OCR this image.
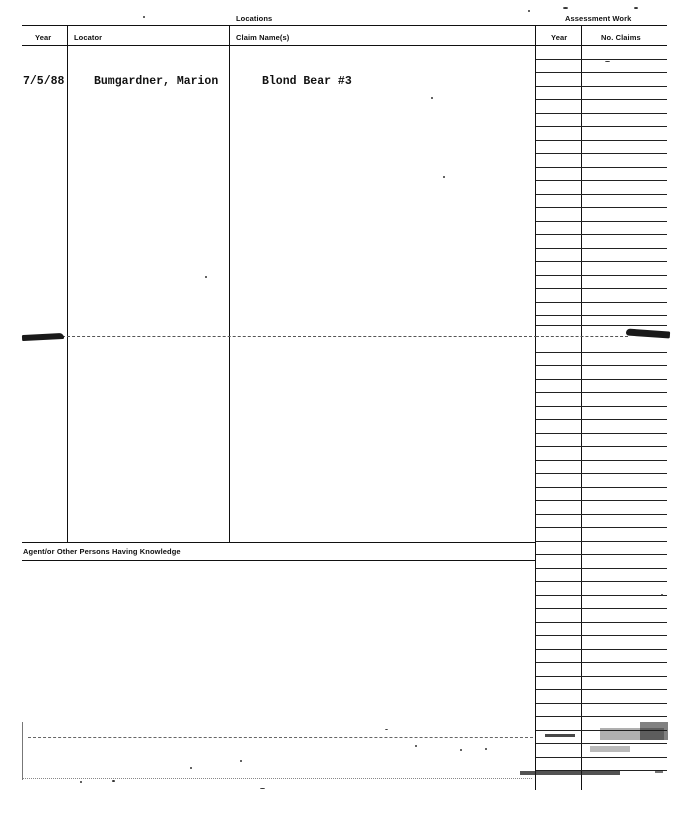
Locations	Assessment Work
Year	Locator	Claim Name(s)	Year	No. Claims
7/5/88	Bumgardner, Marion	Blond Bear #3
Agent/or Other Persons Having Knowledge
